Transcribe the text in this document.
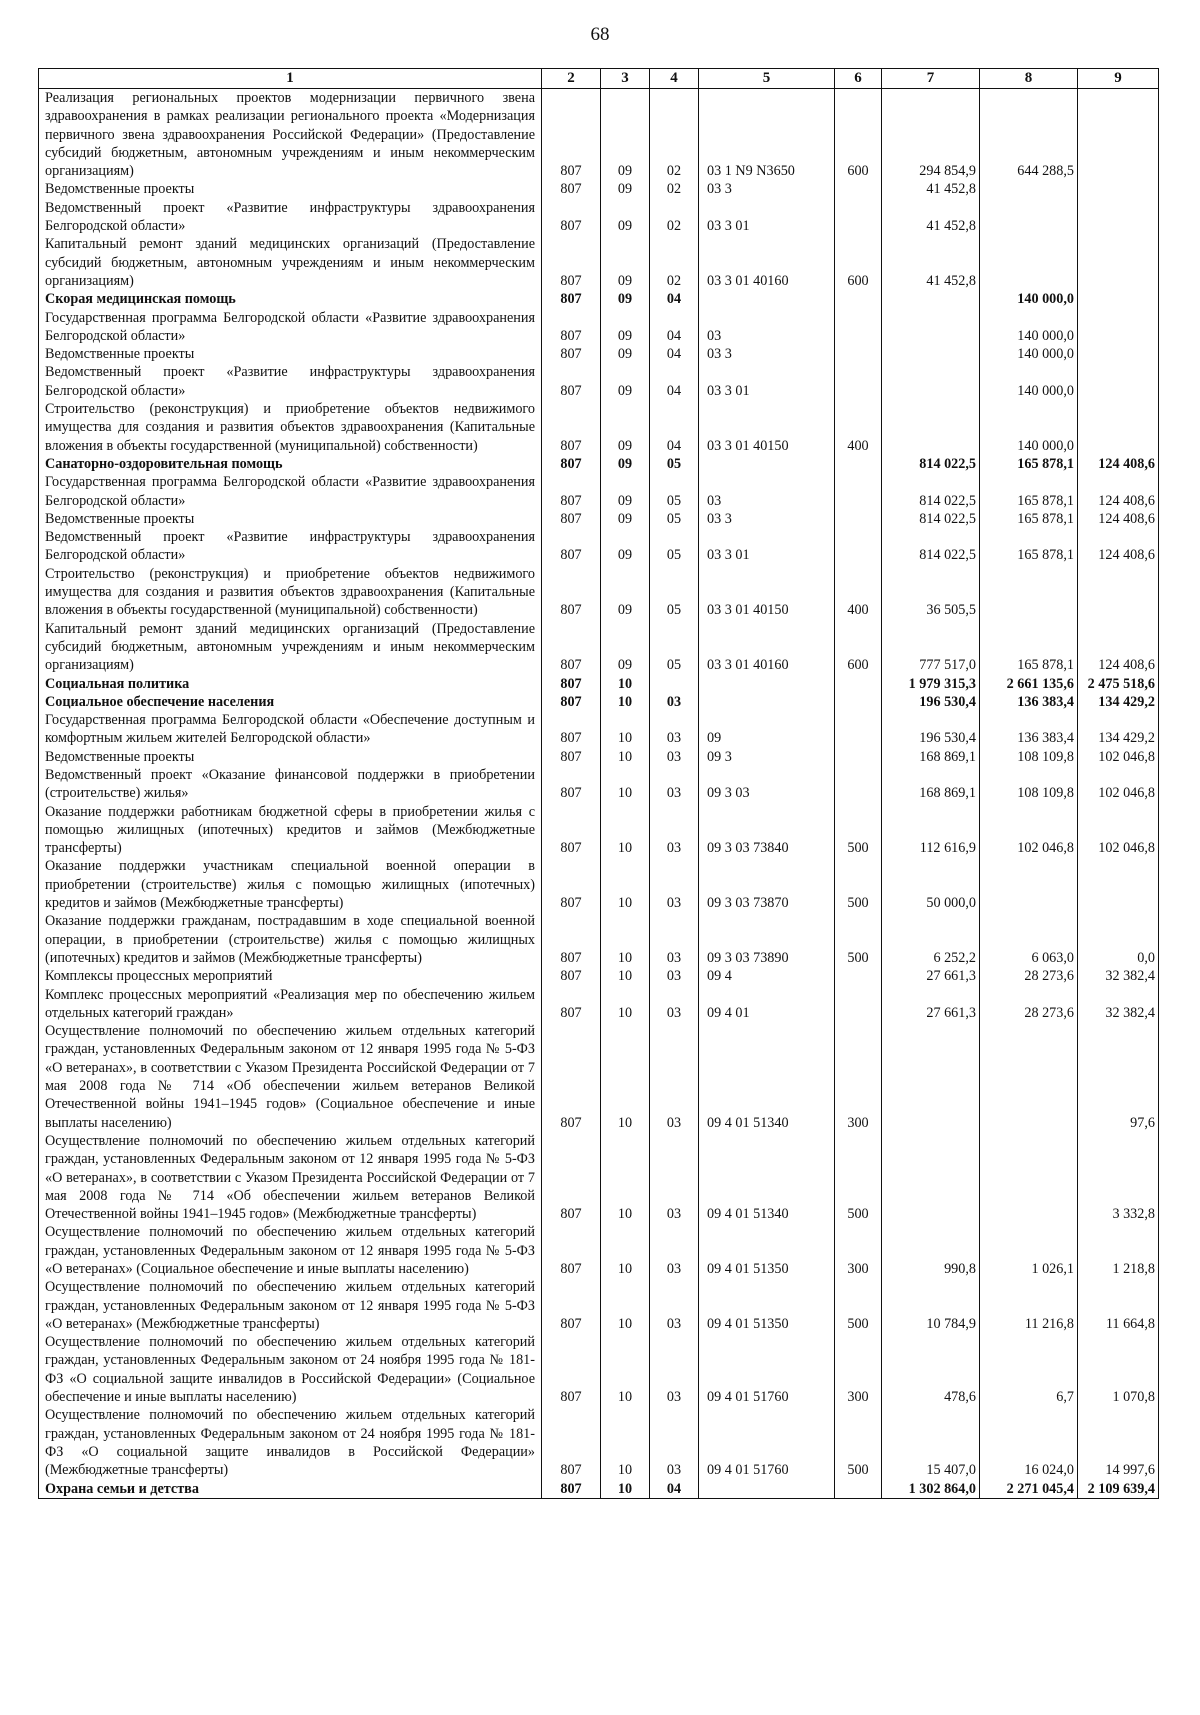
68
1	2	3	4	5	6	7	8	9
Реализация региональных проектов модернизации первичного звена здравоохранения в рамках реализации регионального проекта «Модернизация первичного звена здравоохранения Российской Федерации» (Предоставление субсидий бюджетным, автономным учреждениям и иным некоммерческим организациям)	807	09	02	03 1 N9 N3650	600	294 854,9	644 288,5	
Ведомственные проекты	807	09	02	03 3		41 452,8		
Ведомственный проект «Развитие инфраструктуры здравоохранения Белгородской области»	807	09	02	03 3 01		41 452,8		
Капитальный ремонт зданий медицинских организаций (Предоставление субсидий бюджетным, автономным учреждениям и иным некоммерческим организациям)	807	09	02	03 3 01 40160	600	41 452,8		
Скорая медицинская помощь	807	09	04				140 000,0	
Государственная программа Белгородской области «Развитие здравоохранения Белгородской области»	807	09	04	03			140 000,0	
Ведомственные проекты	807	09	04	03 3			140 000,0	
Ведомственный проект «Развитие инфраструктуры здравоохранения Белгородской области»	807	09	04	03 3 01			140 000,0	
Строительство (реконструкция) и приобретение объектов недвижимого имущества для создания и развития объектов здравоохранения (Капитальные вложения в объекты государственной (муниципальной) собственности)	807	09	04	03 3 01 40150	400		140 000,0	
Санаторно-оздоровительная помощь	807	09	05			814 022,5	165 878,1	124 408,6
Государственная программа Белгородской области «Развитие здравоохранения Белгородской области»	807	09	05	03		814 022,5	165 878,1	124 408,6
Ведомственные проекты	807	09	05	03 3		814 022,5	165 878,1	124 408,6
Ведомственный проект «Развитие инфраструктуры здравоохранения Белгородской области»	807	09	05	03 3 01		814 022,5	165 878,1	124 408,6
Строительство (реконструкция) и приобретение объектов недвижимого имущества для создания и развития объектов здравоохранения (Капитальные вложения в объекты государственной (муниципальной) собственности)	807	09	05	03 3 01 40150	400	36 505,5		
Капитальный ремонт зданий медицинских организаций (Предоставление субсидий бюджетным, автономным учреждениям и иным некоммерческим организациям)	807	09	05	03 3 01 40160	600	777 517,0	165 878,1	124 408,6
Социальная политика	807	10				1 979 315,3	2 661 135,6	2 475 518,6
Социальное обеспечение населения	807	10	03			196 530,4	136 383,4	134 429,2
Государственная программа Белгородской области «Обеспечение доступным и комфортным жильем жителей Белгородской области»	807	10	03	09		196 530,4	136 383,4	134 429,2
Ведомственные проекты	807	10	03	09 3		168 869,1	108 109,8	102 046,8
Ведомственный проект «Оказание финансовой поддержки в приобретении (строительстве) жилья»	807	10	03	09 3 03		168 869,1	108 109,8	102 046,8
Оказание поддержки работникам бюджетной сферы в приобретении жилья с помощью жилищных (ипотечных) кредитов и займов (Межбюджетные трансферты)	807	10	03	09 3 03 73840	500	112 616,9	102 046,8	102 046,8
Оказание поддержки участникам специальной военной операции в приобретении (строительстве) жилья с помощью жилищных (ипотечных) кредитов и займов (Межбюджетные трансферты)	807	10	03	09 3 03 73870	500	50 000,0		
Оказание поддержки гражданам, пострадавшим в ходе специальной военной операции, в приобретении (строительстве) жилья с помощью жилищных (ипотечных) кредитов и займов (Межбюджетные трансферты)	807	10	03	09 3 03 73890	500	6 252,2	6 063,0	0,0
Комплексы процессных мероприятий	807	10	03	09 4		27 661,3	28 273,6	32 382,4
Комплекс процессных мероприятий «Реализация мер по обеспечению жильем отдельных категорий граждан»	807	10	03	09 4 01		27 661,3	28 273,6	32 382,4
Осуществление полномочий по обеспечению жильем отдельных категорий граждан, установленных Федеральным законом от 12 января 1995 года № 5-ФЗ «О ветеранах», в соответствии с Указом Президента Российской Федерации от 7 мая 2008 года № 714 «Об обеспечении жильем ветеранов Великой Отечественной войны 1941–1945 годов» (Социальное обеспечение и иные выплаты населению)	807	10	03	09 4 01 51340	300			97,6
Осуществление полномочий по обеспечению жильем отдельных категорий граждан, установленных Федеральным законом от 12 января 1995 года № 5-ФЗ «О ветеранах», в соответствии с Указом Президента Российской Федерации от 7 мая 2008 года № 714 «Об обеспечении жильем ветеранов Великой Отечественной войны 1941–1945 годов» (Межбюджетные трансферты)	807	10	03	09 4 01 51340	500			3 332,8
Осуществление полномочий по обеспечению жильем отдельных категорий граждан, установленных Федеральным законом от 12 января 1995 года № 5-ФЗ «О ветеранах» (Социальное обеспечение и иные выплаты населению)	807	10	03	09 4 01 51350	300	990,8	1 026,1	1 218,8
Осуществление полномочий по обеспечению жильем отдельных категорий граждан, установленных Федеральным законом от 12 января 1995 года № 5-ФЗ «О ветеранах» (Межбюджетные трансферты)	807	10	03	09 4 01 51350	500	10 784,9	11 216,8	11 664,8
Осуществление полномочий по обеспечению жильем отдельных категорий граждан, установленных Федеральным законом от 24 ноября 1995 года № 181-ФЗ «О социальной защите инвалидов в Российской Федерации» (Социальное обеспечение и иные выплаты населению)	807	10	03	09 4 01 51760	300	478,6	6,7	1 070,8
Осуществление полномочий по обеспечению жильем отдельных категорий граждан, установленных Федеральным законом от 24 ноября 1995 года № 181-ФЗ «О социальной защите инвалидов в Российской Федерации» (Межбюджетные трансферты)	807	10	03	09 4 01 51760	500	15 407,0	16 024,0	14 997,6
Охрана семьи и детства	807	10	04			1 302 864,0	2 271 045,4	2 109 639,4
